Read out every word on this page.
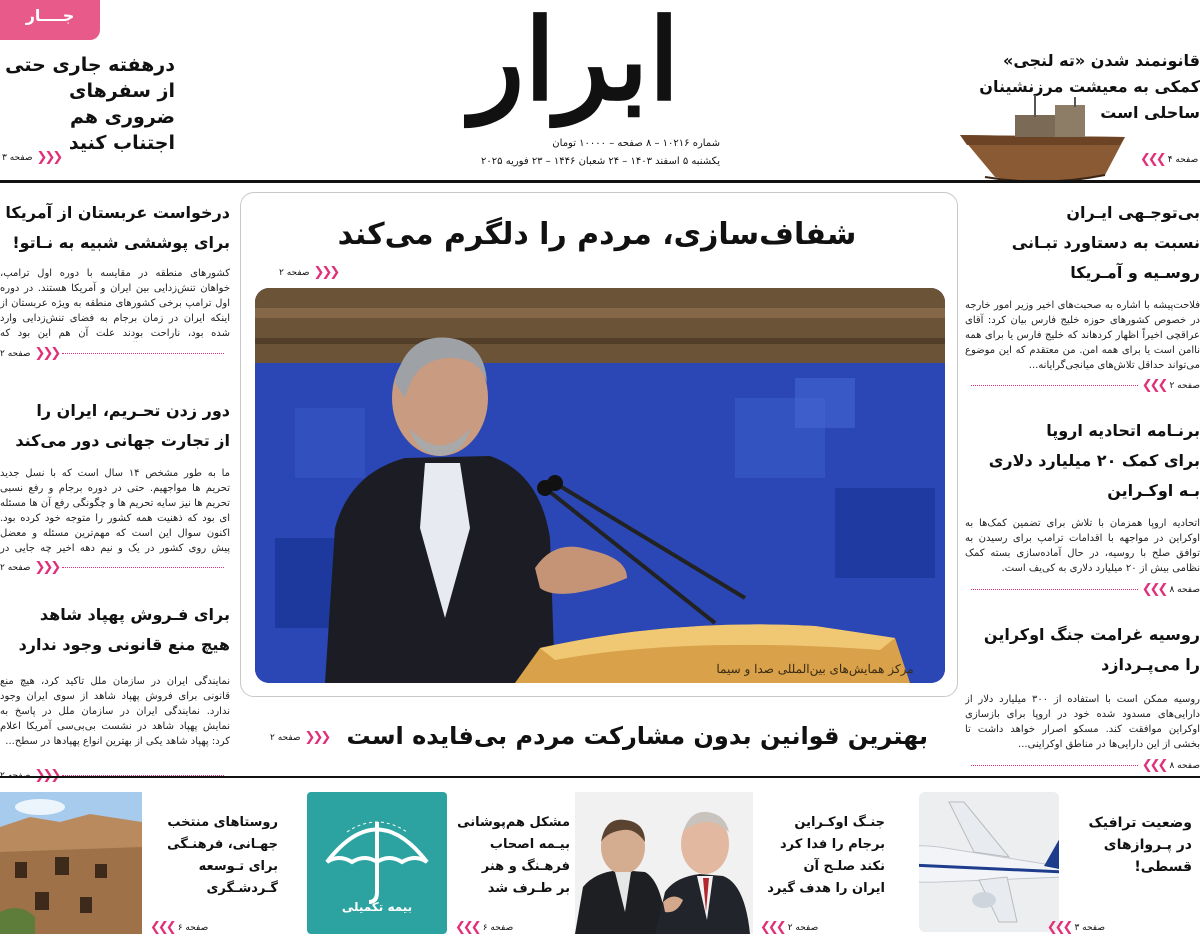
ابرار
شماره ۱۰۲۱۶ – ۸ صفحه – ۱۰۰۰۰ تومان
یکشنبه ۵ اسفند ۱۴۰۳ – ۲۴ شعبان ۱۴۴۶ – ۲۳ فوریه ۲۰۲۵
جــــار
درهفته جاری حتی
از سفرهای ضروری هم
اجتناب کنید
صفحه ۳ ❯❯❯
قانونمند شدن «ته لنجی»
کمکی به معیشت مرزنشینان
ساحلی است
❮❮❮ صفحه ۴
درخواست عربستان از آمریکا
برای پوششی شبیه به نـاتو!
کشورهای منطقه در مقایسه با دوره اول ترامپ، خواهان تنش‌زدایی بین ایران و آمریکا هستند. در دوره اول ترامپ برخی کشورهای منطقه به ویژه عربستان از اینکه ایران در زمان برجام به فضای تنش‌زدایی وارد شده بود، ناراحت بودند علت آن هم این بود که
صفحه ۲ ❯❯❯
دور زدن تحـریم، ایران را
از تجارت جهانی دور می‌کند
ما به طور مشخص ۱۴ سال است که با نسل جدید تحریم ها مواجهیم. حتی در دوره برجام و رفع نسبی تحریم ها نیز سایه تحریم ها و چگونگی رفع آن ها مسئله ای بود که ذهنیت همه کشور را متوجه خود کرده بود. اکنون سوال این است که مهم‌ترین مسئله و معضل پیش روی کشور در یک و نیم دهه اخیر چه جایی در
صفحه ۲ ❯❯❯
برای فـروش پهپاد شاهد
هیچ منع قانونی وجود ندارد
نمایندگی ایران در سازمان ملل تاکید کرد، هیچ منع قانونی برای فروش پهپاد شاهد از سوی ایران وجود ندارد. نمایندگی ایران در سازمان ملل در پاسخ به نمایش پهپاد شاهد در نشست بی‌بی‌سی آمریکا اعلام کرد: پهپاد شاهد یکی از بهترین انواع پهپادها در سطح...
بی‌توجـهی ایـران
نسبت به دستاورد تبـانی
روسـیه و آمـریکا
فلاحت‌پیشه با اشاره به صحبت‌های اخیر وزیر امور خارجه در خصوص کشورهای حوزه خلیج فارس بیان کرد: آقای عراقچی اخیراً اظهار کردهاند که خلیج فارس یا برای همه ناامن است یا برای همه امن. من معتقدم که این موضوع می‌تواند حداقل تلاش‌های میانجی‌گرایانه...
❮❮❮ صفحه ۲
برنـامه اتحادیه اروپا
برای کمک ۲۰ میلیارد دلاری
بـه اوکـراین
اتحادیه اروپا همزمان با تلاش برای تضمین کمک‌ها به اوکراین در مواجهه با اقدامات ترامپ برای رسیدن به توافق صلح با روسیه، در حال آماده‌سازی بسته کمک نظامی بیش از ۲۰ میلیارد دلاری به کی‌یف است.
❮❮❮ صفحه ۸
روسیه غرامت جنگ اوکراین
را می‌پـردازد
روسیه ممکن است با استفاده از ۳۰۰ میلیارد دلار از دارایی‌های مسدود شده خود در اروپا برای بازسازی اوکراین موافقت کند. مسکو اصرار خواهد داشت تا بخشی از این دارایی‌ها در مناطق اوکراینی...
❮❮❮ صفحه ۸
شفاف‌سازی، مردم را دلگرم می‌کند
صفحه ۲ ❯❯❯
مرکز همایش‌های بین‌المللی صدا و سیما
بهترین قوانین بدون مشارکت مردم بی‌فایده است
صفحه ۲ ❯❯❯
وضعیت ترافیک
در پـروازهای
قسطی!
❮❮❮ صفحه ۳
جنـگ اوکـراین
برجام را فدا کرد
نکند صلـح آن
ایران را هدف گیرد
❮❮❮ صفحه ۲
مشکل هم‌پوشانی
بیـمه اصحاب
فرهـنگ و هنر
بر طـرف شد
بیمه تکمیلی
❮❮❮ صفحه ۶
روستاهای منتخب
جهـانی، فرهنـگی
برای تـوسعه
گـردشـگری
❮❮❮ صفحه ۶
